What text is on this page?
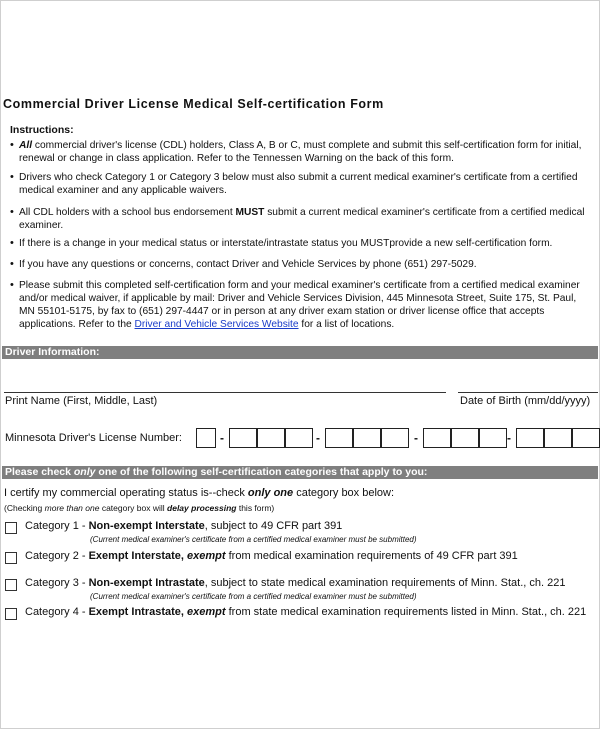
Commercial Driver License Medical Self-certification Form
Instructions:
• All commercial driver's license (CDL) holders, Class A, B or C, must complete and submit this self-certification form for initial,
renewal or change in class application. Refer to the Tennessen Warning on the back of this form.
• Drivers who check Category 1 or Category 3 below must also submit a current medical examiner's certificate from a certified
medical examiner and any applicable waivers.
• All CDL holders with a school bus endorsement MUST submit a current medical examiner's certificate from a certified medical
examiner.
• If there is a change in your medical status or interstate/intrastate status you MUSTprovide a new self-certification form.
• If you have any questions or concerns, contact Driver and Vehicle Services by phone (651) 297-5029.
• Please submit this completed self-certification form and your medical examiner's certificate from a certified medical examiner
and/or medical waiver, if applicable by mail: Driver and Vehicle Services Division, 445 Minnesota Street, Suite 175, St. Paul,
MN 55101-5175, by fax to (651) 297-4447 or in person at any driver exam station or driver license office that accepts
applications. Refer to the Driver and Vehicle Services Website for a list of locations.
Driver Information:
Print Name (First, Middle, Last)	Date of Birth (mm/dd/yyyy)
Minnesota Driver's License Number:	-	-	-	-
Please check only one of the following self-certification categories that apply to you:
I certify my commercial operating status is--check only one category box below:
(Checking more than one category box will delay processing this form)
Category 1 - Non-exempt Interstate, subject to 49 CFR part 391
(Current medical examiner's certificate from a certified medical examiner must be submitted)
Category 2 - Exempt Interstate, exempt from medical examination requirements of 49 CFR part 391
Category 3 - Non-exempt Intrastate, subject to state medical examination requirements of Minn. Stat., ch. 221
(Current medical examiner's certificate from a certified medical examiner must be submitted)
Category 4 - Exempt Intrastate, exempt from state medical examination requirements listed in Minn. Stat., ch. 221
